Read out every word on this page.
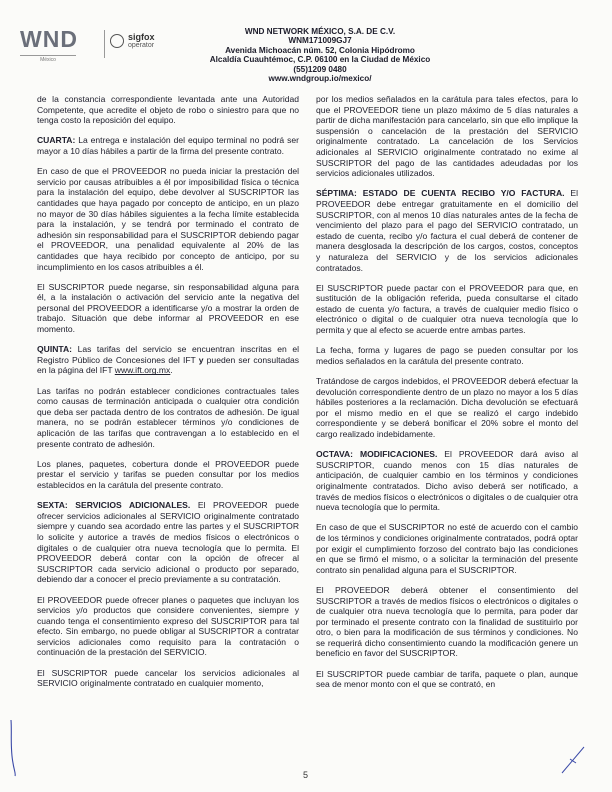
WND
México
sigfox
operator
WND NETWORK MÉXICO, S.A. DE C.V.
WNM171009GJ7
Avenida Michoacán núm. 52, Colonia Hipódromo
Alcaldía Cuauhtémoc, C.P. 06100 en la Ciudad de México
(55)1209 0480
www.wndgroup.io/mexico/

de la constancia correspondiente levantada ante una Autoridad Competente, que acredite el objeto de robo o siniestro para que no tenga costo la reposición del equipo.

CUARTA: La entrega e instalación del equipo terminal no podrá ser mayor a 10 días hábiles a partir de la firma del presente contrato.

En caso de que el PROVEEDOR no pueda iniciar la prestación del servicio por causas atribuibles a él por imposibilidad física o técnica para la instalación del equipo, debe devolver al SUSCRIPTOR las cantidades que haya pagado por concepto de anticipo, en un plazo no mayor de 30 días hábiles siguientes a la fecha límite establecida para la instalación, y se tendrá por terminado el contrato de adhesión sin responsabilidad para el SUSCRIPTOR debiendo pagar el PROVEEDOR, una penalidad equivalente al 20% de las cantidades que haya recibido por concepto de anticipo, por su incumplimiento en los casos atribuibles a él.

El SUSCRIPTOR puede negarse, sin responsabilidad alguna para él, a la instalación o activación del servicio ante la negativa del personal del PROVEEDOR a identificarse y/o a mostrar la orden de trabajo. Situación que debe informar al PROVEEDOR en ese momento.

QUINTA: Las tarifas del servicio se encuentran inscritas en el Registro Público de Concesiones del IFT y pueden ser consultadas en la página del IFT www.ift.org.mx.

Las tarifas no podrán establecer condiciones contractuales tales como causas de terminación anticipada o cualquier otra condición que deba ser pactada dentro de los contratos de adhesión. De igual manera, no se podrán establecer términos y/o condiciones de aplicación de las tarifas que contravengan a lo establecido en el presente contrato de adhesión.

Los planes, paquetes, cobertura donde el PROVEEDOR puede prestar el servicio y tarifas se pueden consultar por los medios establecidos en la carátula del presente contrato.

SEXTA: SERVICIOS ADICIONALES. El PROVEEDOR puede ofrecer servicios adicionales al SERVICIO originalmente contratado siempre y cuando sea acordado entre las partes y el SUSCRIPTOR lo solicite y autorice a través de medios físicos o electrónicos o digitales o de cualquier otra nueva tecnología que lo permita. El PROVEEDOR deberá contar con la opción de ofrecer al SUSCRIPTOR cada servicio adicional o producto por separado, debiendo dar a conocer el precio previamente a su contratación.

El PROVEEDOR puede ofrecer planes o paquetes que incluyan los servicios y/o productos que considere convenientes, siempre y cuando tenga el consentimiento expreso del SUSCRIPTOR para tal efecto. Sin embargo, no puede obligar al SUSCRIPTOR a contratar servicios adicionales como requisito para la contratación o continuación de la prestación del SERVICIO.

El SUSCRIPTOR puede cancelar los servicios adicionales al SERVICIO originalmente contratado en cualquier momento,

por los medios señalados en la carátula para tales efectos, para lo que el PROVEEDOR tiene un plazo máximo de 5 días naturales a partir de dicha manifestación para cancelarlo, sin que ello implique la suspensión o cancelación de la prestación del SERVICIO originalmente contratado. La cancelación de los Servicios adicionales al SERVICIO originalmente contratado no exime al SUSCRIPTOR del pago de las cantidades adeudadas por los servicios adicionales utilizados.

SÉPTIMA: ESTADO DE CUENTA RECIBO Y/O FACTURA. El PROVEEDOR debe entregar gratuitamente en el domicilio del SUSCRIPTOR, con al menos 10 días naturales antes de la fecha de vencimiento del plazo para el pago del SERVICIO contratado, un estado de cuenta, recibo y/o factura el cual deberá de contener de manera desglosada la descripción de los cargos, costos, conceptos y naturaleza del SERVICIO y de los servicios adicionales contratados.

El SUSCRIPTOR puede pactar con el PROVEEDOR para que, en sustitución de la obligación referida, pueda consultarse el citado estado de cuenta y/o factura, a través de cualquier medio físico o electrónico o digital o de cualquier otra nueva tecnología que lo permita y que al efecto se acuerde entre ambas partes.

La fecha, forma y lugares de pago se pueden consultar por los medios señalados en la carátula del presente contrato.

Tratándose de cargos indebidos, el PROVEEDOR deberá efectuar la devolución correspondiente dentro de un plazo no mayor a los 5 días hábiles posteriores a la reclamación. Dicha devolución se efectuará por el mismo medio en el que se realizó el cargo indebido correspondiente y se deberá bonificar el 20% sobre el monto del cargo realizado indebidamente.

OCTAVA: MODIFICACIONES. El PROVEEDOR dará aviso al SUSCRIPTOR, cuando menos con 15 días naturales de anticipación, de cualquier cambio en los términos y condiciones originalmente contratados. Dicho aviso deberá ser notificado, a través de medios físicos o electrónicos o digitales o de cualquier otra nueva tecnología que lo permita.

En caso de que el SUSCRIPTOR no esté de acuerdo con el cambio de los términos y condiciones originalmente contratados, podrá optar por exigir el cumplimiento forzoso del contrato bajo las condiciones en que se firmó el mismo, o a solicitar la terminación del presente contrato sin penalidad alguna para el SUSCRIPTOR.

El PROVEEDOR deberá obtener el consentimiento del SUSCRIPTOR a través de medios físicos o electrónicos o digitales o de cualquier otra nueva tecnología que lo permita, para poder dar por terminado el presente contrato con la finalidad de sustituirlo por otro, o bien para la modificación de sus términos y condiciones. No se requerirá dicho consentimiento cuando la modificación genere un beneficio en favor del SUSCRIPTOR.

El SUSCRIPTOR puede cambiar de tarifa, paquete o plan, aunque sea de menor monto con el que se contrató, en

5
